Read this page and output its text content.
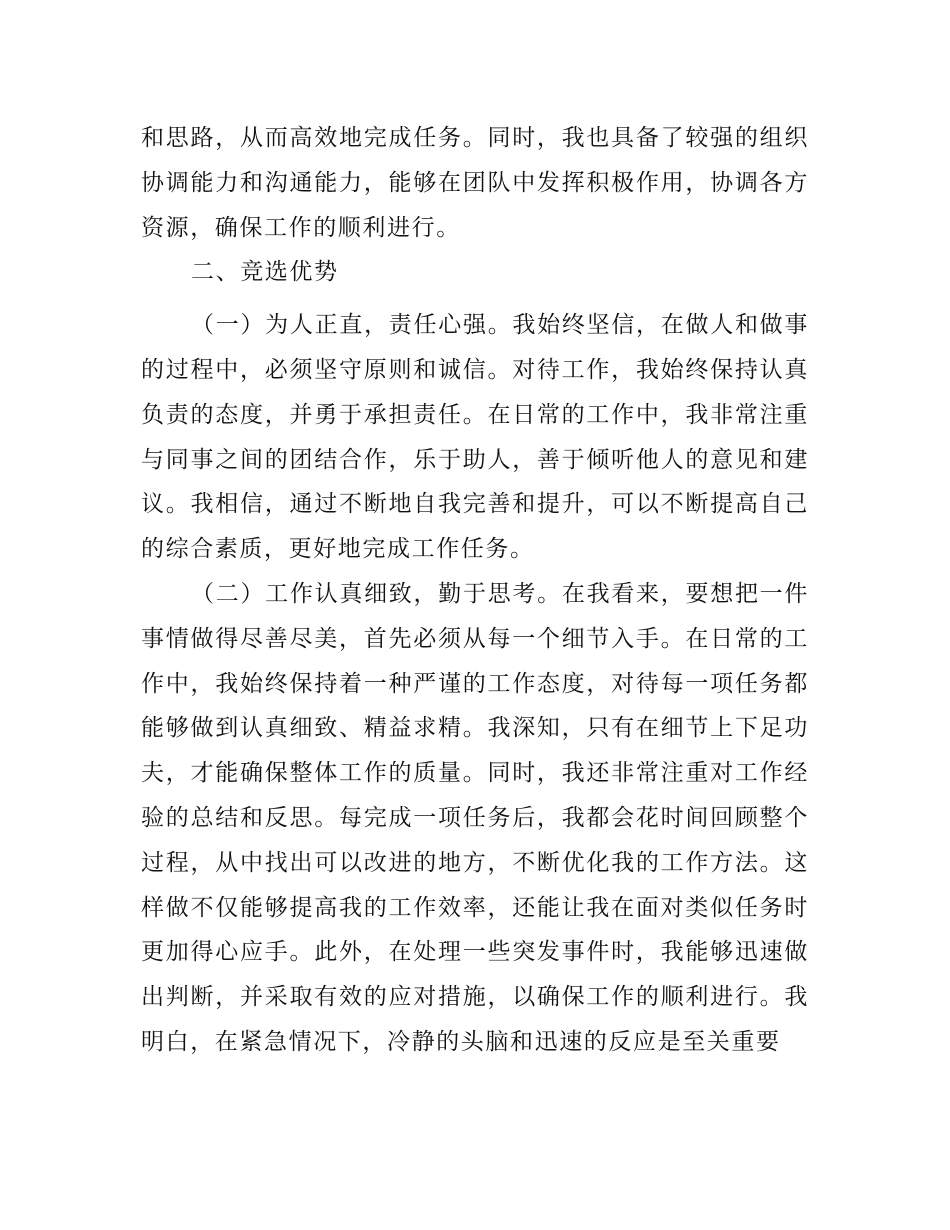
和思路，从而高效地完成任务。同时，我也具备了较强的组织协调能力和沟通能力，能够在团队中发挥积极作用，协调各方资源，确保工作的顺利进行。

二、竞选优势

（一）为人正直，责任心强。我始终坚信，在做人和做事的过程中，必须坚守原则和诚信。对待工作，我始终保持认真负责的态度，并勇于承担责任。在日常的工作中，我非常注重与同事之间的团结合作，乐于助人，善于倾听他人的意见和建议。我相信，通过不断地自我完善和提升，可以不断提高自己的综合素质，更好地完成工作任务。

（二）工作认真细致，勤于思考。在我看来，要想把一件事情做得尽善尽美，首先必须从每一个细节入手。在日常的工作中，我始终保持着一种严谨的工作态度，对待每一项任务都能够做到认真细致、精益求精。我深知，只有在细节上下足功夫，才能确保整体工作的质量。同时，我还非常注重对工作经验的总结和反思。每完成一项任务后，我都会花时间回顾整个过程，从中找出可以改进的地方，不断优化我的工作方法。这样做不仅能够提高我的工作效率，还能让我在面对类似任务时更加得心应手。此外，在处理一些突发事件时，我能够迅速做出判断，并采取有效的应对措施，以确保工作的顺利进行。我明白，在紧急情况下，冷静的头脑和迅速的反应是至关重要
